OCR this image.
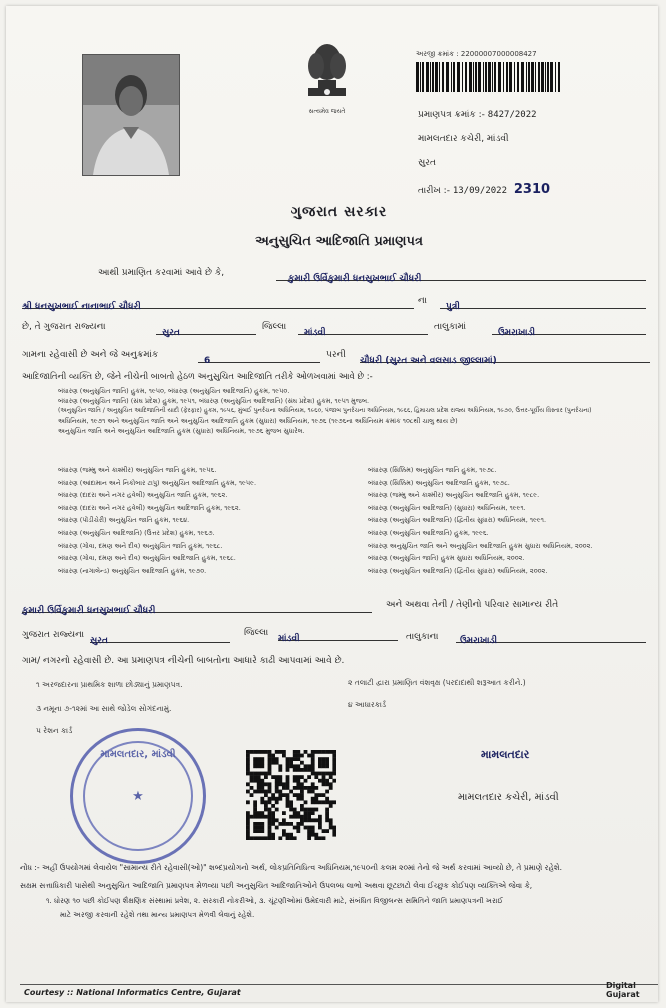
સત્યમેવ જયતે
અરજી ક્રમાંક : 22000007000008427
પ્રમાણપત્ર ક્રમાંક :- 8427/2022
મામલતદાર કચેરી, માંડવી
સુરત
તારીખ :- 13/09/2022 2310
ગુજરાત સરકાર
અનુસુચિત આદિજાતિ પ્રમાણપત્ર
આથી પ્રમાણિત કરવામાં આવે છે કે,
કુમારી ઉર્વિકુમારી ધનસુખભાઈ ચૌધરી
શ્રી ધનસુખભાઈ નાનાભાઈ ચૌધરી
ના
પુત્રી
છે, તે ગુજરાત રાજ્યના
સુરત
જિલ્લા
માંડવી
તાલુકામાં
ઉમરાખાડી
ગામના રહેવાસી છે અને જે અનુક્રમાંક
6
પરની
ચૌધરી (સુરત અને વલસાડ જીલ્લામાં)
આદિજાતિની વ્યક્તિ છે, જેને નીચેની બાબતો હેઠળ અનુસુચિત આદિજાતિ તરીકે ઓળખવામાં આવે છે :-
બંધારણ (અનુસુચિત જાતિ) હુકમ, ૧૯૫૦, બંધારણ (અનુસુચિત આદિજાતિ) હુકમ, ૧૯૫૦.
બંધારણ (અનુસુચિત જાતિ) (સંઘ પ્રદેશ) હુકમ, ૧૯૫૧, બંધારણ (અનુસુચિત આદિજાતિ) (સંઘ પ્રદેશ) હુકમ, ૧૯૫૧ મુજબ.
(અનુસુચિત જાતિ / અનુસુચિત આદિજાતિની યાદી (ફેરફાર) હુકમ, ૧૯૫૬, મુંબઈ પુનર્રચના અધિનિયમ, ૧૯૬૦, પંજાબ પુનર્રચના અધિનિયમ, ૧૯૬૬, હિમાચલ પ્રદેશ રાજ્ય અધિનિયમ, ૧૯૭૦, ઉત્તર-પૂર્વીય વિસ્તાર (પુનર્રચના)
અધિનિયમ, ૧૯૭૧ અને અનુસુચિત જાતિ અને અનુસુચિત આદિજાતિ હુકમ (સુધારા) અધિનિયમ, ૧૯૭૬ (૧૯૭૬ના અધિનિયમ ક્રમાંક ૧૦૮થી ચાલુ થાય છે)
અનુસુચિત જાતિ અને અનુસુચિત આદિજાતિ હુકમ (સુધારા) અધિનિયમ, ૧૯૭૬ મુજબ સુધારેલ.
બંધારણ (જમ્મુ અને કાશ્મીર) અનુસુચિત જાતિ હુકમ, ૧૯૫૬.
બંધારણ (આંદામાન અને નિકોબાર ટાપુ) અનુસુચિત આદિજાતિ હુકમ, ૧૯૫૯.
બંધારણ (દાદરા અને નગર હવેલી) અનુસુચિત જાતિ હુકમ, ૧૯૬૨.
બંધારણ (દાદરા અને નગર હવેલી) અનુસુચિત આદિજાતિ હુકમ, ૧૯૬૨.
બંધારણ (પોંડીચેરી) અનુસુચિત જાતિ હુકમ, ૧૯૬૪.
બંધારણ (અનુસુચિત આદિજાતિ) (ઉત્તર પ્રદેશ) હુકમ, ૧૯૬૭.
બંધારણ (ગોવા, દમણ અને દીવ) અનુસુચિત જાતિ હુકમ, ૧૯૬૮.
બંધારણ (ગોવા, દમણ અને દીવ) અનુસુચિત આદિજાતિ હુકમ, ૧૯૬૮.
બંધારણ (નાગાલેન્ડ) અનુસુચિત આદિજાતિ હુકમ, ૧૯૭૦.
બંધારણ (સિક્કિમ) અનુસુચિત જાતિ હુકમ, ૧૯૭૮.
બંધારણ (સિક્કિમ) અનુસુચિત આદિજાતિ હુકમ, ૧૯૭૮.
બંધારણ (જમ્મુ અને કાશ્મીર) અનુસુચિત આદિજાતિ હુકમ, ૧૯૮૯.
બંધારણ (અનુસુચિત આદિજાતિ) (સુધારા) અધિનિયમ, ૧૯૯૧.
બંધારણ (અનુસુચિત આદિજાતિ) (દ્વિતીય સુધારા) અધિનિયમ, ૧૯૯૧.
બંધારણ (અનુસુચિત આદિજાતિ) હુકમ, ૧૯૯૬.
બંધારણ અનુસુચિત જાતિ અને અનુસુચિત આદિજાતિ હુકમ સુધારા અધિનિયમ, ૨૦૦૨.
બંધારણ (અનુસુચિત જાતિ) હુકમ સુધારા અધિનિયમ, ૨૦૦૨.
બંધારણ (અનુસુચિત આદિજાતિ) (દ્વિતીય સુધારા) અધિનિયમ, ૨૦૦૨.
કુમારી ઉર્વિકુમારી ધનસુખભાઈ ચૌધરી
અને અથવા તેની / તેણીનો પરિવાર સામાન્ય રીતે
ગુજરાત રાજ્યના
સુરત
જિલ્લા
માંડવી	તાલુકાના	ઉમરાખાડી
ગામ/ નગરનો રહેવાસી છે. આ પ્રમાણપત્ર નીચેની બાબતોના આધારે કાઢી આપવામાં આવે છે.
૧ અરજદારના પ્રાથમિક શાળા છોડ્યાનું પ્રમાણપત્ર.	૨ તલાટી દ્વારા પ્રમાણિત વંશવૃક્ષ (પરદાદાથી શરૂઆત કરીને.)
૩ નમૂના ૭-૧૨માં આ સાથે જોડેલ સોગંદનામું.	૪ આધારકાર્ડ
૫ રેશન કાર્ડ
મામલતદાર, માંડવી
★
મામલતદાર
મામલતદાર કચેરી, માંડવી
નોંધ :- અહીં ઉપયોગમાં લેવાયેલ "સામાન્ય રીતે રહેવાસી(ઓ)" શબ્દપ્રયોગનો અર્થ, લોકપ્રતિનિધિત્વ અધિનિયમ,૧૯૫૦ની કલમ ૨૦માં તેનો જે અર્થ કરવામાં આવ્યો છે, તે પ્રમાણે રહેશે.
સક્ષમ સત્તાધિકારી પાસેથી અનુસુચિત આદિજાતિ પ્રમાણપત્ર મેળવ્યા પછી અનુસુચિત આદિજાતિઓને ઉપલબ્ધ લાભો અથવા છૂટછાટો લેવા ઈચ્છુક કોઈપણ વ્યક્તિએ જેવા કે,
૧. ધોરણ ૧૦ પછી કોઈપણ શૈક્ષણિક સંસ્થામાં પ્રવેશ, ૨. સરકારી નોકરીઓ, ૩. ચૂંટણીઓમાં ઉમેદવારી માટે, સંબંધિત વિજીલન્સ સમિતિને જાતિ પ્રમાણપત્રની ખરાઈ
માટે અરજી કરવાની રહેશે તથા માન્ય પ્રમાણપત્ર મેળવી લેવાનું રહેશે.
Courtesy :: National Informatics Centre, Gujarat
Digital Gujarat
